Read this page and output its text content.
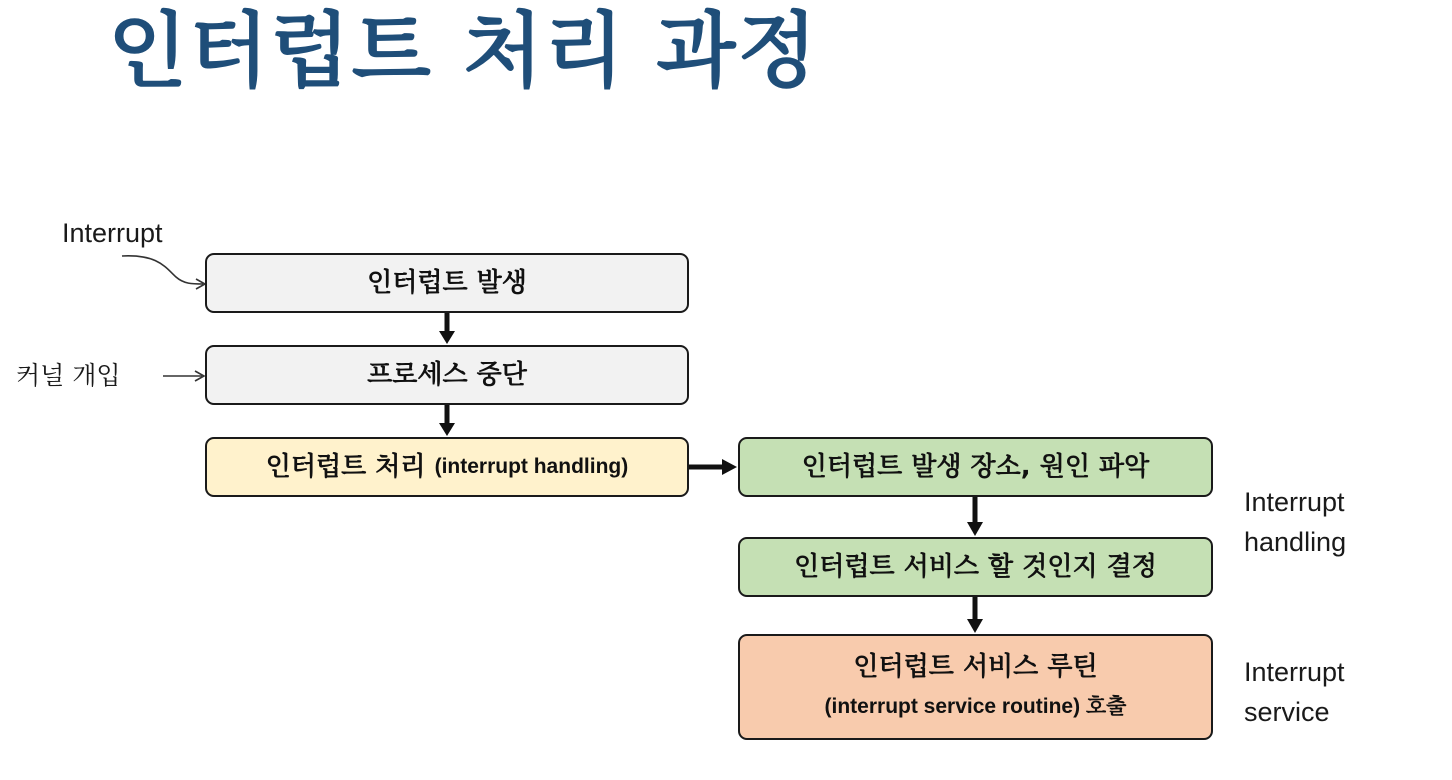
인터럽트 처리 과정
Interrupt
커널 개입
인터럽트 발생
프로세스 중단
인터럽트 처리
(interrupt handling)	인터럽트 발생 장소, 원인 파악
인터럽트 서비스 할 것인지 결정
인터럽트 서비스 루틴
(interrupt service routine) 호출
Interrupt
handling
Interrupt
service
